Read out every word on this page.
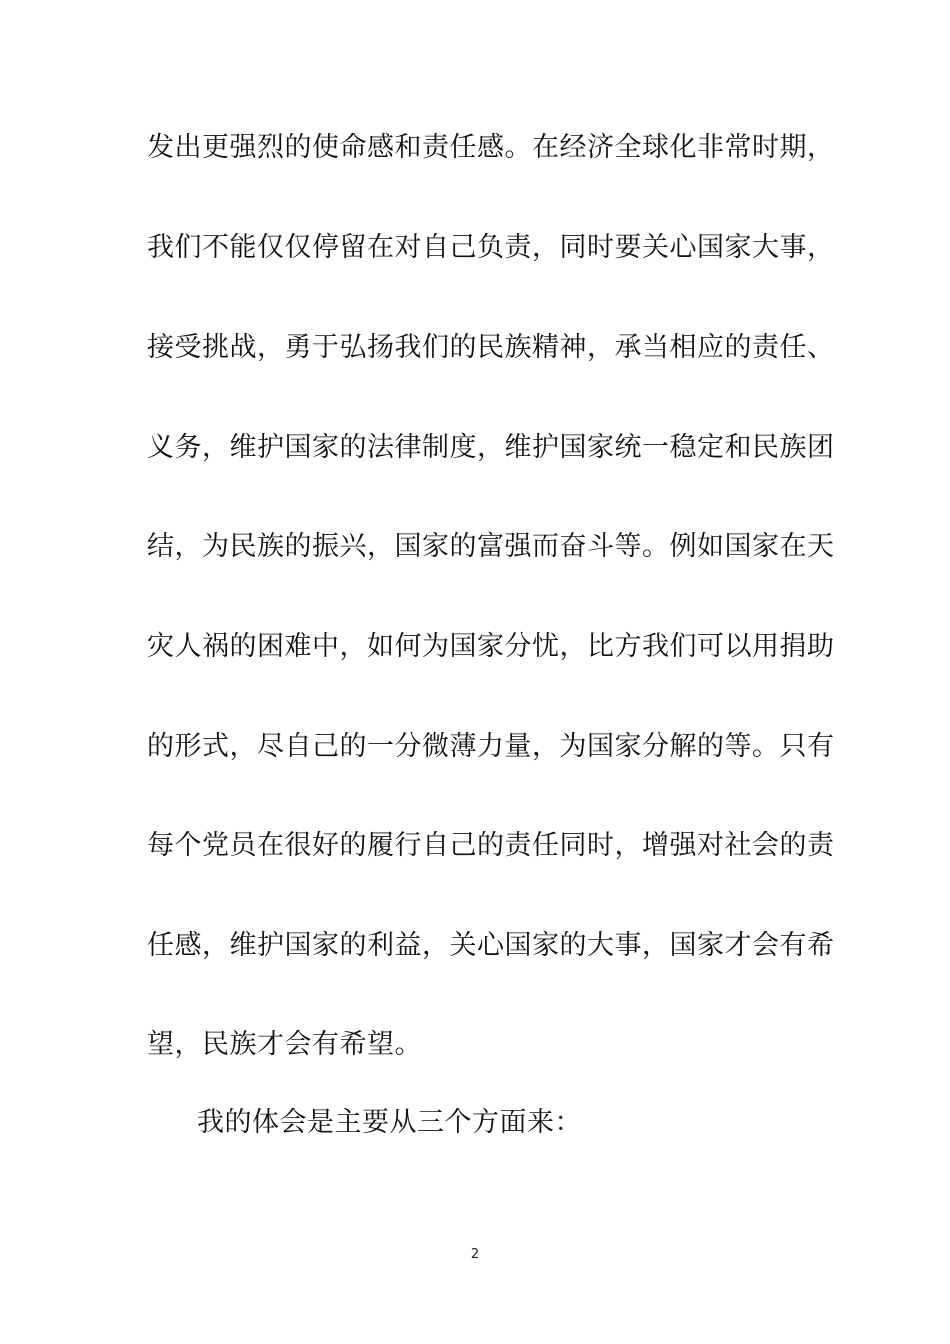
发出更强烈的使命感和责任感。在经济全球化非常时期，
我们不能仅仅停留在对自己负责，同时要关心国家大事，
接受挑战，勇于弘扬我们的民族精神，承当相应的责任、
义务，维护国家的法律制度，维护国家统一稳定和民族团
结，为民族的振兴，国家的富强而奋斗等。例如国家在天
灾人祸的困难中，如何为国家分忧，比方我们可以用捐助
的形式，尽自己的一分微薄力量，为国家分解的等。只有
每个党员在很好的履行自己的责任同时，增强对社会的责
任感，维护国家的利益，关心国家的大事，国家才会有希
望，民族才会有希望。
我的体会是主要从三个方面来：
2
